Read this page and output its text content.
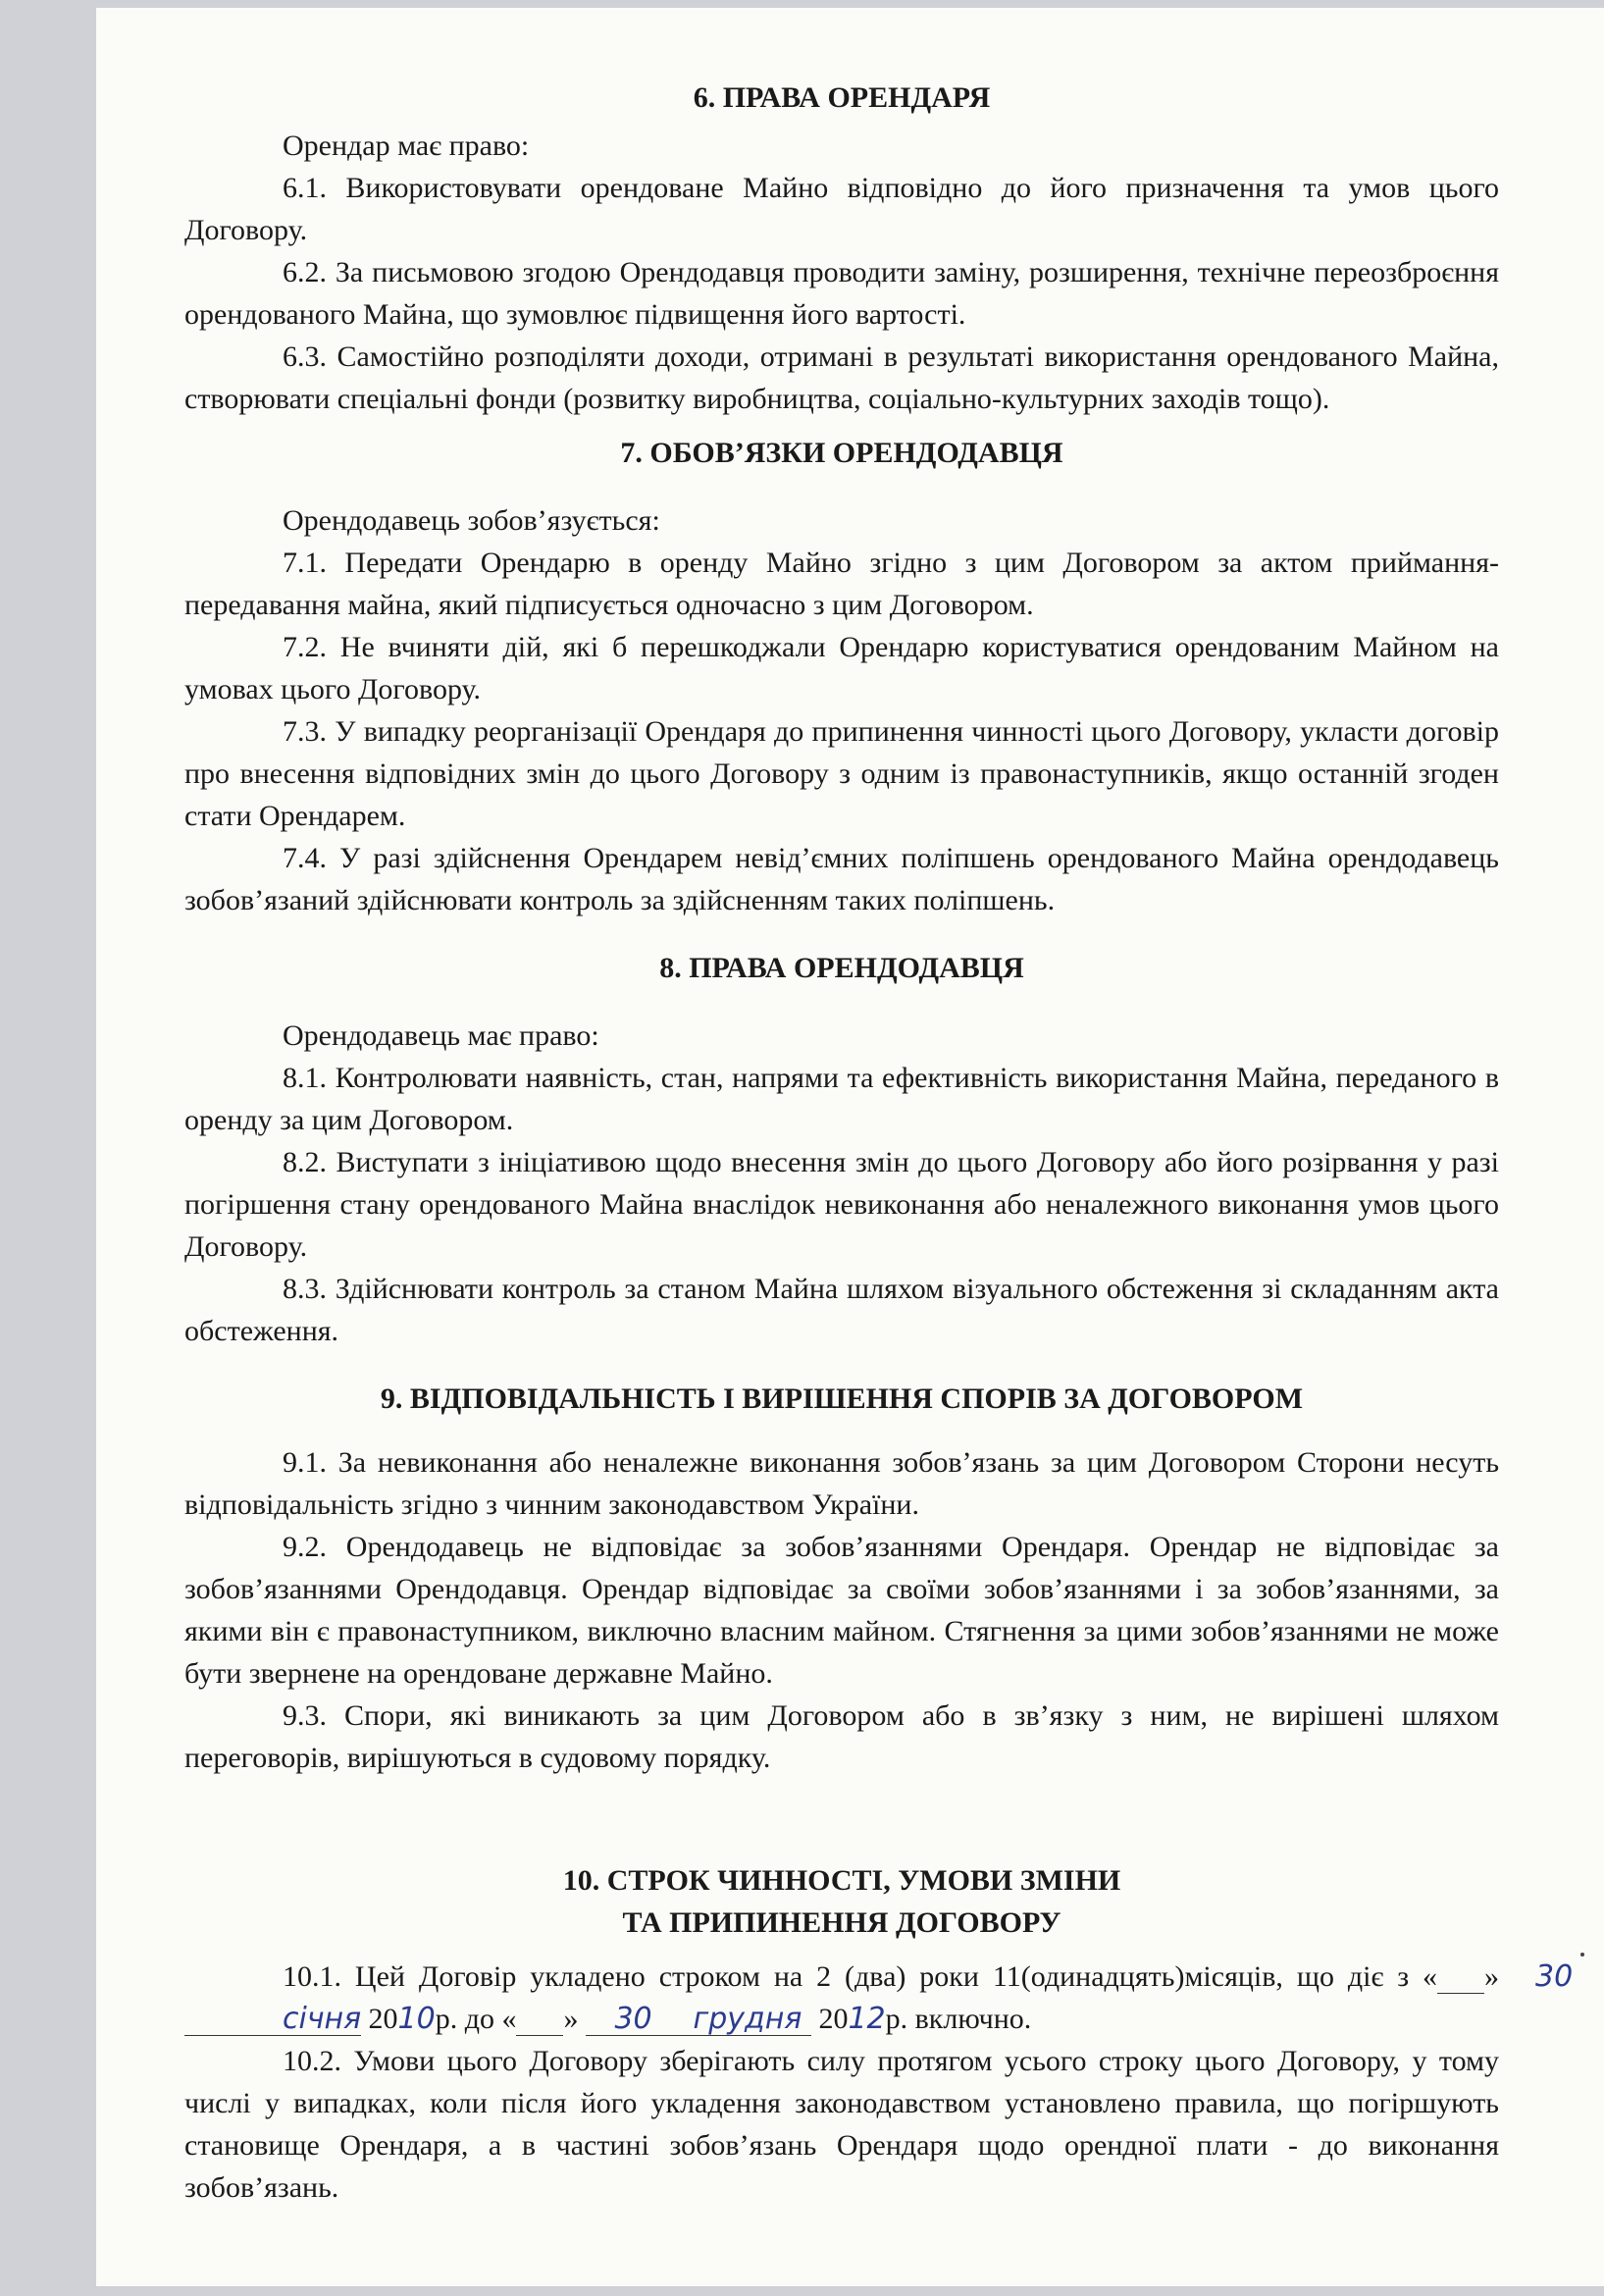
6. ПРАВА ОРЕНДАРЯ

Орендар має право:

6.1. Використовувати орендоване Майно відповідно до його призначення та умов цього Договору.

6.2. За письмовою згодою Орендодавця проводити заміну, розширення, технічне переозброєння орендованого Майна, що зумовлює підвищення його вартості.

6.3. Самостійно розподіляти доходи, отримані в результаті використання орендованого Майна, створювати спеціальні фонди (розвитку виробництва, соціально-культурних заходів тощо).

7. ОБОВ’ЯЗКИ ОРЕНДОДАВЦЯ

Орендодавець зобов’язується:

7.1. Передати Орендарю в оренду Майно згідно з цим Договором за актом приймання-передавання майна, який підписується одночасно з цим Договором.

7.2. Не вчиняти дій, які б перешкоджали Орендарю користуватися орендованим Майном на умовах цього Договору.

7.3. У випадку реорганізації Орендаря до припинення чинності цього Договору, укласти договір про внесення відповідних змін до цього Договору з одним із правонаступників, якщо останній згоден стати Орендарем.

7.4. У разі здійснення Орендарем невід’ємних поліпшень орендованого Майна орендодавець зобов’язаний здійснювати контроль за здійсненням таких поліпшень.

8. ПРАВА ОРЕНДОДАВЦЯ

Орендодавець має право:

8.1. Контролювати наявність, стан, напрями та ефективність використання Майна, переданого в оренду за цим Договором.

8.2. Виступати з ініціативою щодо внесення змін до цього Договору або його розірвання у разі погіршення стану орендованого Майна внаслідок невиконання або неналежного виконання умов цього Договору.

8.3. Здійснювати контроль за станом Майна шляхом візуального обстеження зі складанням акта обстеження.

9. ВІДПОВІДАЛЬНІСТЬ І ВИРІШЕННЯ СПОРІВ ЗА ДОГОВОРОМ

9.1. За невиконання або неналежне виконання зобов’язань за цим Договором Сторони несуть відповідальність згідно з чинним законодавством України.

9.2. Орендодавець не відповідає за зобов’язаннями Орендаря. Орендар не відповідає за зобов’язаннями Орендодавця. Орендар відповідає за своїми зобов’язаннями і за зобов’язаннями, за якими він є правонаступником, виключно власним майном. Стягнення за цими зобов’язаннями не може бути звернене на орендоване державне Майно.

9.3. Спори, які виникають за цим Договором або в зв’язку з ним, не вирішені шляхом переговорів, вирішуються в судовому порядку.

10. СТРОК ЧИННОСТІ, УМОВИ ЗМІНИ
ТА ПРИПИНЕННЯ ДОГОВОРУ

10.1. Цей Договір укладено строком на 2 (два) роки 11(одинадцять)місяців, що діє з «	30» січня 2010р. до «	30»	грудня 2012р. включно.

10.2. Умови цього Договору зберігають силу протягом усього строку цього Договору, у тому числі у випадках, коли після його укладення законодавством установлено правила, що погіршують становище Орендаря, а в частині зобов’язань Орендаря щодо орендної плати - до виконання зобов’язань.
